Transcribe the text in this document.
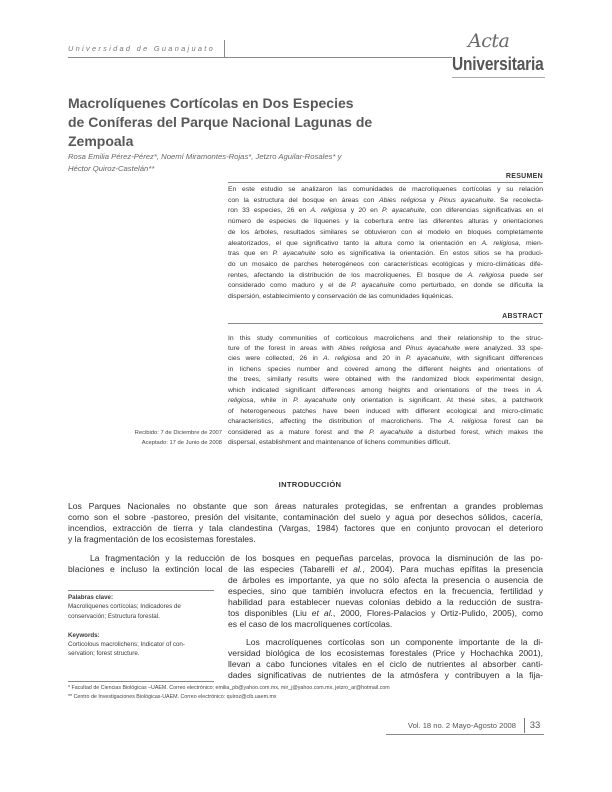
Universidad de Guanajuato	Acta
Universitaria
Macrolíquenes Cortícolas en Dos Especies
de Coníferas del Parque Nacional Lagunas de
Zempoala
Rosa Emilia Pérez-Pérez*, Noemí Miramontes-Rojas*, Jetzro Aguilar-Rosales* y
Héctor Quiroz-Castelán**
RESUMEN
En este estudio se analizaron las comunidades de macrolíquenes cortícolas y su relación
con la estructura del bosque en áreas con Abies religiosa y Pinus ayacahuite. Se recolecta-
ron 33 especies, 26 en A. religiosa y 20 en P. ayacahuite, con diferencias significativas en el
número de especies de líquenes y la cobertura entre las diferentes alturas y orientaciones
de los árboles, resultados similares se obtuvieron con el modelo en bloques completamente
aleatorizados, el que significativo tanto la altura como la orientación en A. religiosa, mien-
tras que en P. ayacahuite solo es significativa la orientación. En estos sitios se ha produci-
do un mosaico de parches heterogéneos con características ecológicas y micro-climáticas dife-
rentes, afectando la distribución de los macrolíquenes. El bosque de A. religiosa puede ser
considerado como maduro y el de P. ayacahuite como perturbado, en donde se dificulta la
dispersión, establecimiento y conservación de las comunidades liquénicas.
ABSTRACT
In this study communities of corticolous macrolichens and their relationship to the struc-
ture of the forest in areas with Abies religiosa and Pinus ayacahuite were analyzed. 33 spe-
cies were collected, 26 in A. religiosa and 20 in P. ayacahuite, with significant differences
in lichens species number and covered among the different heights and orientations of
the trees, similarly results were obtained with the randomized block experimental design,
which indicated significant differences among heights and orientations of the trees in A.
religiosa, while in P. ayacahuite only orientation is significant. At these sites, a patchwork
of heterogeneous patches have been induced with different ecological and micro-climatic
characteristics, affecting the distribution of macrolichens. The A. religiosa forest can be
considered as a mature forest and the P. ayacahuite a disturbed forest, which makes the
dispersal, establishment and maintenance of lichens communities difficult.
Recibido: 7 de Diciembre de 2007
Aceptado: 17 de Junio de 2008
INTRODUCCIÓN
Los Parques Nacionales no obstante que son áreas naturales protegidas, se enfrentan a grandes problemas
como son el sobre -pastoreo, presión del visitante, contaminación del suelo y agua por desechos sólidos, cacería,
incendios, extracción de tierra y tala clandestina (Vargas, 1984) factores que en conjunto provocan el deterioro
y la fragmentación de los ecosistemas forestales.
La fragmentación y la reducción de los bosques en pequeñas parcelas, provoca la disminución de las po-
blaciones e incluso la extinción local de las especies (Tabarelli et al., 2004). Para muchas epífitas la presencia
de árboles es importante, ya que no sólo afecta la presencia o ausencia de
especies, sino que también involucra efectos en la frecuencia, fertilidad y
habilidad para establecer nuevas colonias debido a la reducción de sustra-
tos disponibles (Liu et al., 2000, Flores-Palacios y Ortiz-Pulido, 2005), como
es el caso de los macrolíquenes cortícolas.
Los macrolíquenes cortícolas son un componente importante de la di-
versidad biológica de los ecosistemas forestales (Price y Hochachka 2001),
llevan a cabo funciones vitales en el ciclo de nutrientes al absorber canti-
dades significativas de nutrientes de la atmósfera y contribuyen a la fija-
Palabras clave:
Macrolíquenes cortícolas; Indicadores de
conservación; Estructura forestal.
Keywords:
Corticolous macrolichens; Indicator of con-
servation; forest structure.
* Facultad de Ciencias Biológicas –UAEM. Correo electrónico: emilia_pb@yahoo.com.mx, mir_j@yahoo.com.mx, jetzro_ar@hotmail.com
** Centro de Investigaciones Biológicas-UAEM. Correo electrónico: quiroz@cib.uaem.mx
Vol. 18 no. 2 Mayo-Agosto 2008	33
